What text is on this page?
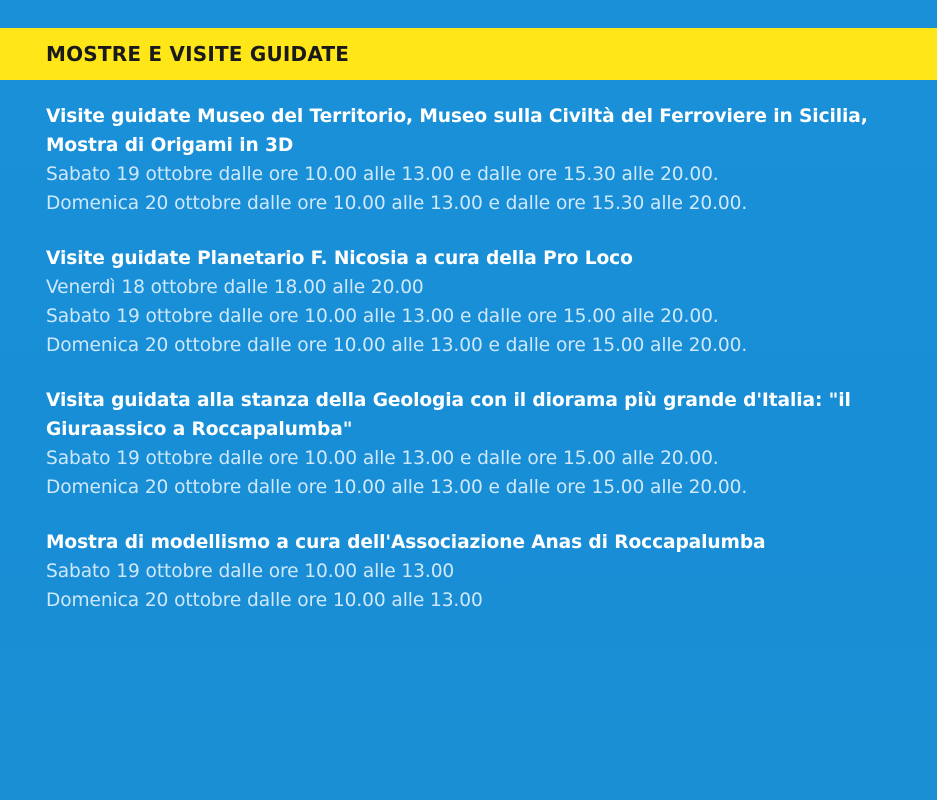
MOSTRE E VISITE GUIDATE
Visite guidate Museo del Territorio, Museo sulla Civiltà del Ferroviere in Sicilia, Mostra di Origami in 3D
Sabato 19 ottobre dalle ore 10.00 alle 13.00 e dalle ore 15.30 alle 20.00.
Domenica 20 ottobre dalle ore 10.00 alle 13.00 e dalle ore 15.30 alle 20.00.
Visite guidate Planetario F. Nicosia a cura della Pro Loco
Venerdì 18 ottobre dalle 18.00 alle 20.00
Sabato 19 ottobre dalle ore 10.00 alle 13.00 e dalle ore 15.00 alle 20.00.
Domenica 20 ottobre dalle ore 10.00 alle 13.00 e dalle ore 15.00 alle 20.00.
Visita guidata alla stanza della Geologia con il diorama più grande d'Italia: "il Giuraassico a Roccapalumba"
Sabato 19 ottobre dalle ore 10.00 alle 13.00 e dalle ore 15.00 alle 20.00.
Domenica 20 ottobre dalle ore 10.00 alle 13.00 e dalle ore 15.00 alle 20.00.
Mostra di modellismo a cura dell'Associazione Anas di Roccapalumba
Sabato 19 ottobre dalle ore 10.00 alle 13.00
Domenica 20 ottobre dalle ore 10.00 alle 13.00
